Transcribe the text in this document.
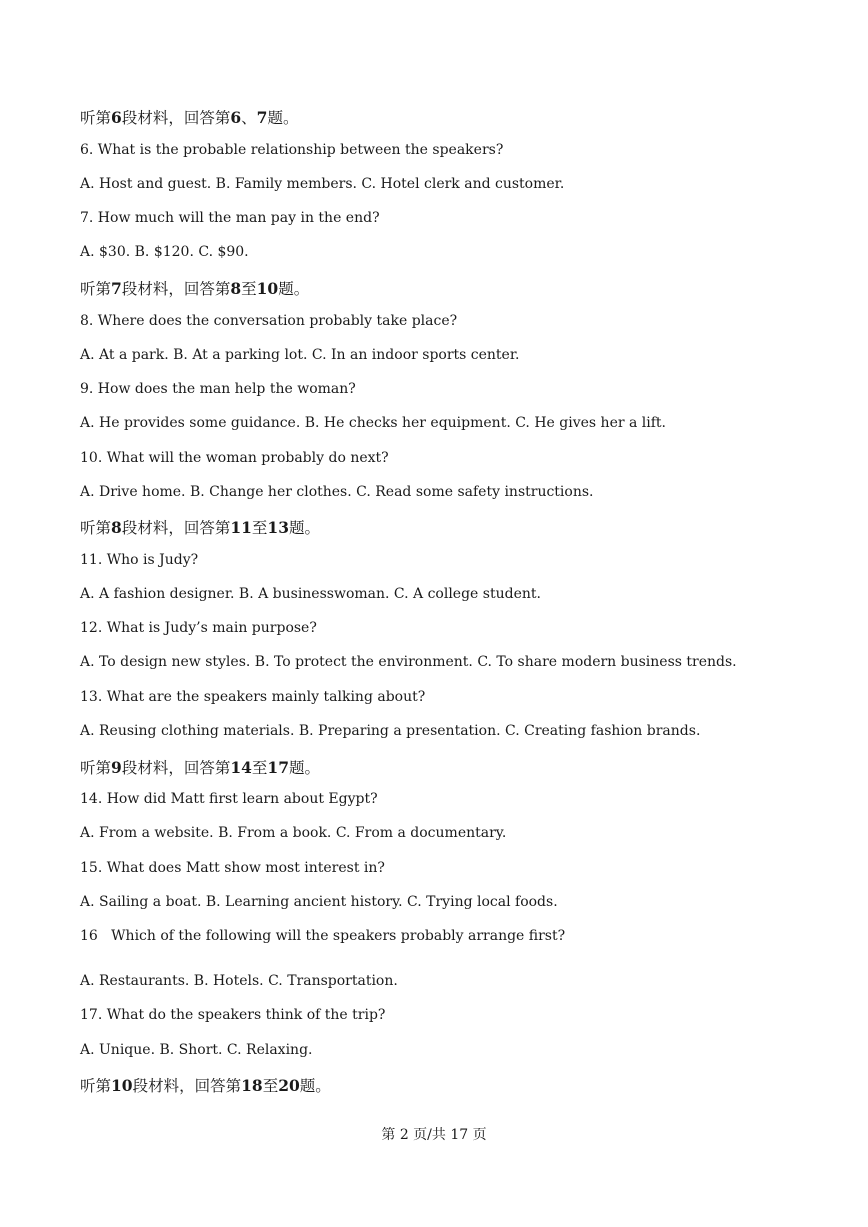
听第6段材料，回答第6、7题。
6. What is the probable relationship between the speakers?
A. Host and guest. B. Family members. C. Hotel clerk and customer.
7. How much will the man pay in the end?
A. $30. B. $120. C. $90.
听第7段材料，回答第8至10题。
8. Where does the conversation probably take place?
A. At a park. B. At a parking lot. C. In an indoor sports center.
9. How does the man help the woman?
A. He provides some guidance. B. He checks her equipment. C. He gives her a lift.
10. What will the woman probably do next?
A. Drive home. B. Change her clothes. C. Read some safety instructions.
听第8段材料，回答第11至13题。
11. Who is Judy?
A. A fashion designer. B. A businesswoman. C. A college student.
12. What is Judy’s main purpose?
A. To design new styles. B. To protect the environment. C. To share modern business trends.
13. What are the speakers mainly talking about?
A. Reusing clothing materials. B. Preparing a presentation. C. Creating fashion brands.
听第9段材料，回答第14至17题。
14. How did Matt first learn about Egypt?
A. From a website. B. From a book. C. From a documentary.
15. What does Matt show most interest in?
A. Sailing a boat. B. Learning ancient history. C. Trying local foods.
16   Which of the following will the speakers probably arrange first?
A. Restaurants. B. Hotels. C. Transportation.
17. What do the speakers think of the trip?
A. Unique. B. Short. C. Relaxing.
听第10段材料，回答第18至20题。
第 2 页/共 17 页
